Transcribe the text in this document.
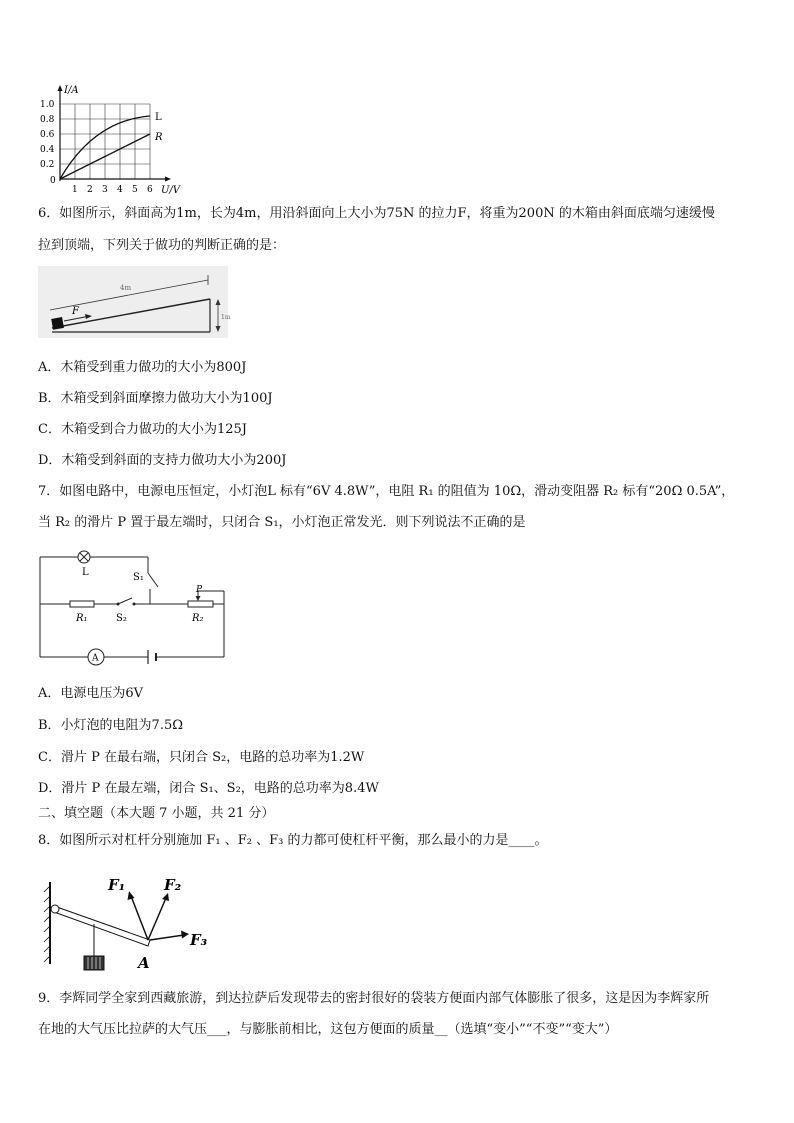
I/A
U/V
1.0
0.8
0.6
0.4
0.2
0
1 2 3 4 5 6
L
R
6．如图所示，斜面高为1m，长为4m，用沿斜面向上大小为75N 的拉力F，将重为200N 的木箱由斜面底端匀速缓慢
拉到顶端，下列关于做功的判断正确的是：
F
4m
1m
A．木箱受到重力做功的大小为800J
B．木箱受到斜面摩擦力做功大小为100J
C．木箱受到合力做功的大小为125J
D．木箱受到斜面的支持力做功大小为200J
7．如图电路中，电源电压恒定，小灯泡L 标有“6V 4.8W”，电阻 R₁ 的阻值为 10Ω，滑动变阻器 R₂ 标有“20Ω 0.5A”，
当 R₂ 的滑片 P 置于最左端时，只闭合 S₁，小灯泡正常发光．则下列说法不正确的是
L	S₁
R₁	S₂
P
R₂
A
A．电源电压为6V
B．小灯泡的电阻为7.5Ω
C．滑片 P 在最右端，只闭合 S₂，电路的总功率为1.2W
D．滑片 P 在最左端，闭合 S₁、S₂，电路的总功率为8.4W
二、填空题（本大题 7 小题，共 21 分）
8．如图所示对杠杆分别施加 F₁ 、F₂ 、F₃ 的力都可使杠杆平衡，那么最小的力是____。
F₁	F₂
F₃
A
9．李辉同学全家到西藏旅游，到达拉萨后发现带去的密封很好的袋装方便面内部气体膨胀了很多，这是因为李辉家所
在地的大气压比拉萨的大气压___，与膨胀前相比，这包方便面的质量__（选填“变小”“不变”“变大”）
